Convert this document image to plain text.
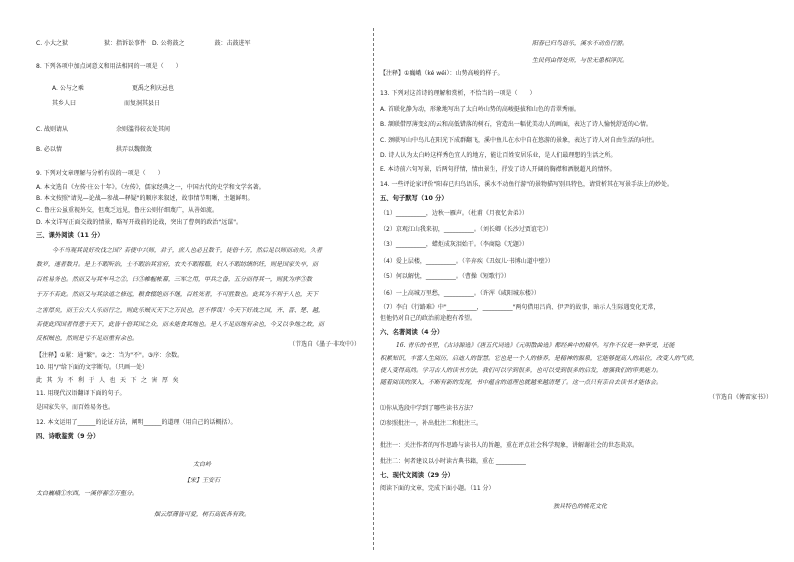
C. 小大之狱　　　　　　狱：指诉讼事件　D. 公将鼓之　　　　　鼓：击鼓进军
8. 下列各项中加点词意义和用法相同的一项是（　　）
A. 公与之乘　　　　　　　　更禹之利庆忌也
其乡人曰　　　　　　　　而复洞其县日
C. 战则请从　　　　　　　　余则滥得较衣处其间
B. 必以情　　　　　　　　　拱弄以魏微敛
9. 下列对文章理解与分析有误的一项是（　　）
A. 本文选自《左传·庄公十年》。《左传》，儒家经典之一，中国古代的史学和文学名著。
B. 本文按照"请见—论战—参战—释疑"的顺序来叙述，故事情节明晰，主题鲜明。
C. 鲁庄公虽重视外交，但蔑乏远见，鲁庄公则仔细蔑广，从善如流。
D. 本文详写正面交战的情景，略写开战前的论战，突出了曹刿的政治"远谋"。
三、课外阅读（11 分）
今不当观其说好攻伐之国？若使中兴师，君子，庶人也必且数千，徒倍十万，然后足以师而动矣。久者
数岁，速者数月。是上不暇听治，士不暇治其官府，农夫不暇稼穑，妇人不暇纺绩织纴，则是国家失卒，而
百姓易务也。然而又与其车马之②，曰③帷幄帐幕，三军之用，甲兵之备，五分而得其一，则犹为序③数
于万不若此。然而又与其涂道之修远，粮食辍绝而不继，百姓死者，不可胜数也。此其为不利于人也，天下
之害厚矣，而王公大人乐而行之，则此乐贼灭天下之万民也，岂不悖哉！今天下好战之国，齐、晋、楚、越，
若使此四国者得意于天下，此皆十倍其国之众，而未能食其地也。是人不足而地有余也，今又以争地之故，而
反相贼也，然则是亏不足而重有余也。
（节选自《墨子·非攻中》）
【注释】①紧：通"繁"。②之：当为"不"。③序：余数。
10. 用"/"给下面的文字断句。（只画一处）
此其为不利于人也天下之害厚矣
11. 用现代汉语翻译下面的句子。
是国家失卒，而百姓易务也。
12. 本文运用了______的论证方法，阐明______的道理（用自己的话概括）。
四、诗歌鉴赏（9 分）
太白岭
【宋】王安石
太白巍峨①东西，一溪停蓄②万壑分。
烟云厚薄皆可爱，树石高低各有致。
阳春已归鸟语乐，溪水不动鱼行游。
生民何由得处所，与世无患相浮沉。
【注释】①巍峨（ké wéi）：山势高峻的样子。
13. 下列对这首诗的理解和赏析，不恰当的一项是（　　）
A. 首联化静为动，形象地写出了太白岭山势的高峻挺拔和山色的青翠秀丽。
B. 颔联借厚薄变幻的云和高低错落的树石，营造出一幅优美动人的画面，表达了诗人愉悦舒适的心情。
C. 颈联写山中鸟儿在阳光下成群翻飞，溪中鱼儿在水中自在悠游的景象，表达了诗人对自由生活的向往。
D. 诗人认为太白岭这样秀色宜人的地方，能让百姓安居乐业，是人们最理想的生活之所。
E. 本诗前六句写景，后两句抒情，情由景生，抒发了诗人开阔的胸襟和洒脱超凡的情怀。
14. 一些评论家评价"阳春已归鸟语乐，溪水不动鱼行游"的景物描写别具特色，请赏析其在写景手法上的妙处。
五、句子默写（10 分）
（1）__________，边秋一雁声。（杜甫《月夜忆舍弟》）
（2）京观江山我来初，__________。（刘长卿《长沙过贾谊宅》）
（3）__________，蜡炬成灰泪始干。（李商隐《无题》）
（4）爱上层楼，__________。（辛弃疾《丑奴儿·书博山道中壁》）
（5）何以解忧，__________。（曹操《短歌行》）
（6）一上高城万里愁，__________。（许浑《咸阳城东楼》）
（7）李白《行路难》中"__________，__________"两句借用吕尚、伊尹的故事，暗示人生际遇变化无常，
但他仍对自己的政治前途抱有希望。
六、名著阅读（4 分）
16. 青乐的书里，《古诗源选》《唐五代词选》《元明散曲选》都经典中的精华。写作不仅是一种享受，还能
积累知识，丰富人生阅历，启迪人的智慧。它也是一个人的修养，是精神的源泉，它能够提高人的品位，改变人的气质，
使人变得高尚。学习古人的读书方法，我们可以学到很多，也可以受到很多的启发，增强我们的审美能力。
随着阅读的深入，不断有新的发现，书中蕴含的道理也就越来越清楚了。这一点只有亲自去读书才能体会。
（节选自《傅雷家书》）
⑴你从选段中学到了哪些读书方法？
⑵参照批注一，补出批注二和批注三。
批注一：关注作者的写作思路与读书人的旨趣，重在评点社会科学现象，讲解谢社会的世态炎凉。
批注二：何者建议以小时读古典书籍，重在 __________
七、现代文阅读（29 分）
阅读下面的文章，完成下面小题。（11 分）
独具特色的桃花文化
